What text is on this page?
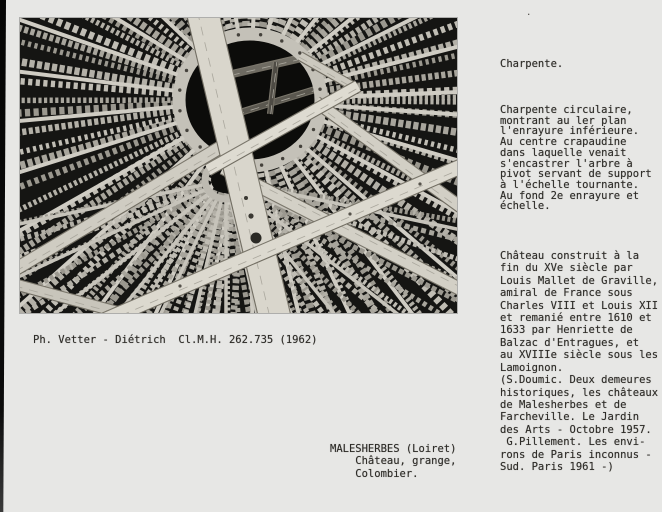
Ph. Vetter - Diétrich  Cl.M.H. 262.735 (1962)

Charpente.

Charpente circulaire,
montrant au ler plan
l'enrayure inférieure.
Au centre crapaudine
dans laquelle venait
s'encastrer l'arbre à
pivot servant de support
à l'échelle tournante.
Au fond 2e enrayure et
échelle.

Château construit à la
fin du XVe siècle par
Louis Mallet de Graville,
amiral de France sous
Charles VIII et Louis XII
et remanié entre 1610 et
1633 par Henriette de
Balzac d'Entragues, et
au XVIIIe siècle sous les
Lamoignon.
(S.Doumic. Deux demeures
historiques, les châteaux
de Malesherbes et de
Farcheville. Le Jardin
des Arts - Octobre 1957.
G.Pillement. Les envi-
rons de Paris inconnus -
Sud. Paris 1961 -)

MALESHERBES (Loiret)
Château, grange,
Colombier.
.
